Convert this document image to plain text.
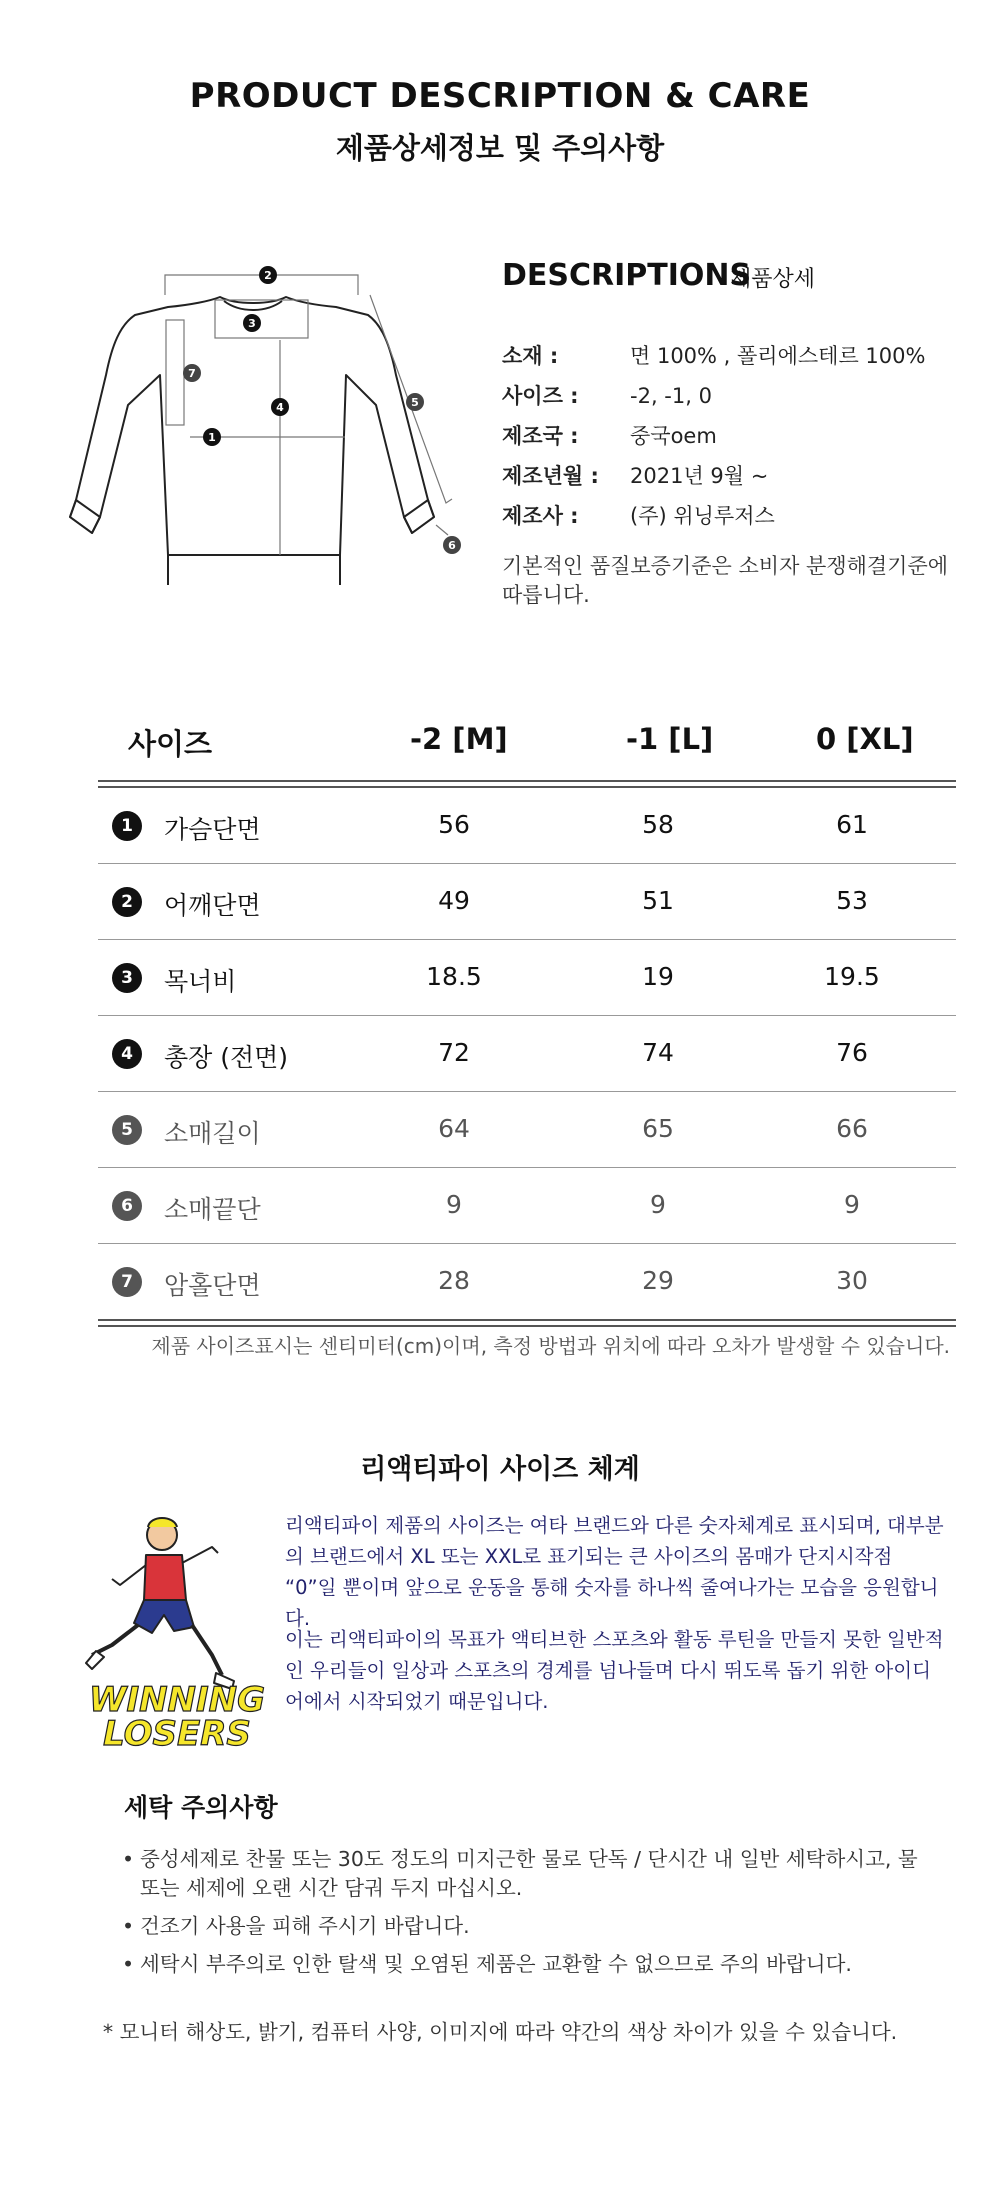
PRODUCT DESCRIPTION & CARE
제품상세정보 및 주의사항
2
3
7
4
1
5
6
DESCRIPTIONS
제품상세
소재 :	면 100% , 폴리에스테르 100%
사이즈 : -2, -1, 0
제조국 : 중국oem
제조년월 : 2021년 9월 ~
제조사 : (주) 위닝루저스
기본적인 품질보증기준은 소비자 분쟁해결기준에 따릅니다.
사이즈	-2 [M]	-1 [L]	0 [XL]
1	가슴단면	56	58	61
2	어깨단면	49	51	53
3	목너비	18.5	19	19.5
4	총장 (전면)	72	74	76
5	소매길이	64	65	66
6	소매끝단	9	9	9
7	암홀단면	28	29	30
제품 사이즈표시는 센티미터(cm)이며, 측정 방법과 위치에 따라 오차가 발생할 수 있습니다.
리액티파이 사이즈 체계
WINNING
LOSERS
리액티파이 제품의 사이즈는 여타 브랜드와 다른 숫자체계로 표시되며, 대부분의 브랜드에서 XL 또는 XXL로 표기되는 큰 사이즈의 몸매가 단지시작점 “0”일 뿐이며 앞으로 운동을 통해 숫자를 하나씩 줄여나가는 모습을 응원합니다.
이는 리액티파이의 목표가 액티브한 스포츠와 활동 루틴을 만들지 못한 일반적인 우리들이 일상과 스포츠의 경계를 넘나들며 다시 뛰도록 돕기 위한 아이디어에서 시작되었기 때문입니다.
세탁 주의사항
• 중성세제로 찬물 또는 30도 정도의 미지근한 물로 단독 / 단시간 내 일반 세탁하시고, 물 또는 세제에 오랜 시간 담궈 두지 마십시오.
• 건조기 사용을 피해 주시기 바랍니다.
• 세탁시 부주의로 인한 탈색 및 오염된 제품은 교환할 수 없으므로 주의 바랍니다.
* 모니터 해상도, 밝기, 컴퓨터 사양, 이미지에 따라 약간의 색상 차이가 있을 수 있습니다.
